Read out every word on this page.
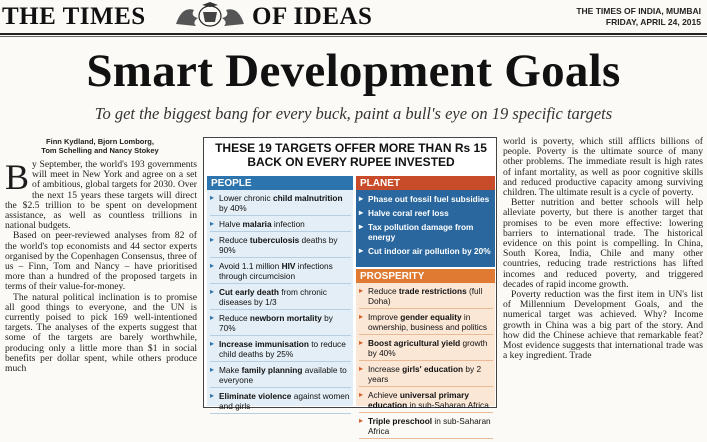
THE TIMES	OF IDEAS	THE TIMES OF INDIA, MUMBAI
FRIDAY, APRIL 24, 2015
Smart Development Goals
To get the biggest bang for every buck, paint a bull's eye on 19 specific targets
Finn Kydland, Bjorn Lomborg,
Tom Schelling and Nancy Stokey

By September, the world's 193 governments will meet in New York and agree on a set of ambitious, global targets for 2030. Over the next 15 years these targets will direct the $2.5 trillion to be spent on development assistance, as well as countless trillions in national budgets.

Based on peer-reviewed analyses from 82 of the world's top economists and 44 sector experts organised by the Copenhagen Consensus, three of us – Finn, Tom and Nancy – have prioritised more than a hundred of the proposed targets in terms of their value-for-money.

The natural political inclination is to promise all good things to everyone, and the UN is currently poised to pick 169 well-intentioned targets. The analyses of the experts suggest that some of the targets are barely worthwhile, producing only a little more than $1 in social benefits per dollar spent, while others produce much

THESE 19 TARGETS OFFER MORE THAN Rs 15
BACK ON EVERY RUPEE INVESTED
PEOPLE
▸ Lower chronic child malnutrition by 40%
▸ Halve malaria infection
▸ Reduce tuberculosis deaths by 90%
▸ Avoid 1.1 million HIV infections through circumcision
▸ Cut early death from chronic diseases by 1/3
▸ Reduce newborn mortality by 70%
▸ Increase immunisation to reduce child deaths by 25%
▸ Make family planning available to everyone
▸ Eliminate violence against women and girls
PLANET
▸ Phase out fossil fuel subsidies
▸ Halve coral reef loss
▸ Tax pollution damage from energy
▸ Cut indoor air pollution by 20%
PROSPERITY
▸ Reduce trade restrictions (full Doha)
▸ Improve gender equality in ownership, business and politics
▸ Boost agricultural yield growth by 40%
▸ Increase girls' education by 2 years
▸ Achieve universal primary education in sub-Saharan Africa
▸ Triple preschool in sub-Saharan Africa

world is poverty, which still afflicts billions of people. Poverty is the ultimate source of many other problems. The immediate result is high rates of infant mortality, as well as poor cognitive skills and reduced productive capacity among surviving children. The ultimate result is a cycle of poverty.

Better nutrition and better schools will help alleviate poverty, but there is another target that promises to be even more effective: lowering barriers to international trade. The historical evidence on this point is compelling. In China, South Korea, India, Chile and many other countries, reducing trade restrictions has lifted incomes and reduced poverty, and triggered decades of rapid income growth.

Poverty reduction was the first item in UN's list of Millennium Development Goals, and the numerical target was achieved. Why? Income growth in China was a big part of the story. And how did the Chinese achieve that remarkable feat? Most evidence suggests that international trade was a key ingredient. Trade
